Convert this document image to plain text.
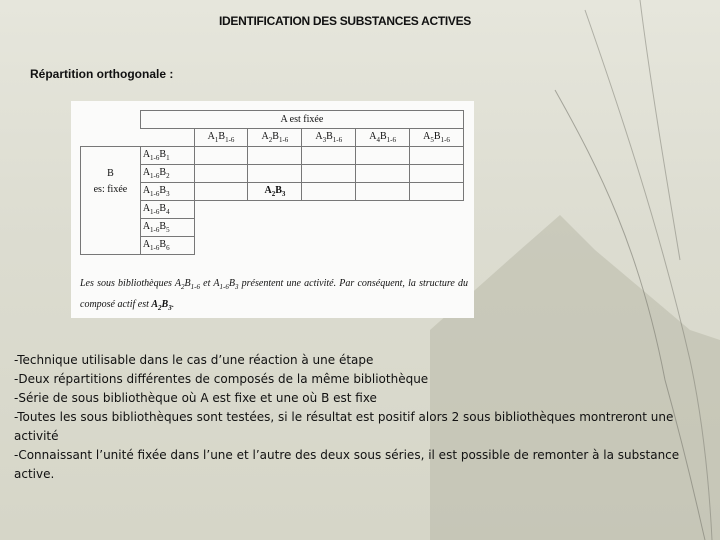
IDENTIFICATION DES SUBSTANCES ACTIVES
Répartition orthogonale :
	A est fixée					
		$A_1B_{1-6}$	$A_2B_{1-6}$	$A_3B_{1-6}$	$A_4B_{1-6}$	$A_5B_{1-6}$

B
es: fixée	$A_{1-6}B_1$					
	$A_{1-6}B_2$					
	$A_{1-6}B_3$		$A_2B_3$			
	$A_{1-6}B_4$					
	$A_{1-6}B_5$					
	$A_{1-6}B_6$					
Les sous bibliothèques $A_2B_{1-6}$ et $A_{1-6}B_3$ présentent une activité. Par conséquent, la structure du composé actif est $A_2B_3$.
-Technique utilisable dans le cas d’une réaction à une étape
-Deux répartitions différentes de composés de la même bibliothèque
-Série de sous bibliothèque où A est fixe et une où B est fixe
-Toutes les sous bibliothèques sont testées, si le résultat est positif alors 2 sous bibliothèques montreront une activité
-Connaissant l’unité fixée dans l’une et l’autre des deux sous séries, il est possible de remonter à la substance active.
